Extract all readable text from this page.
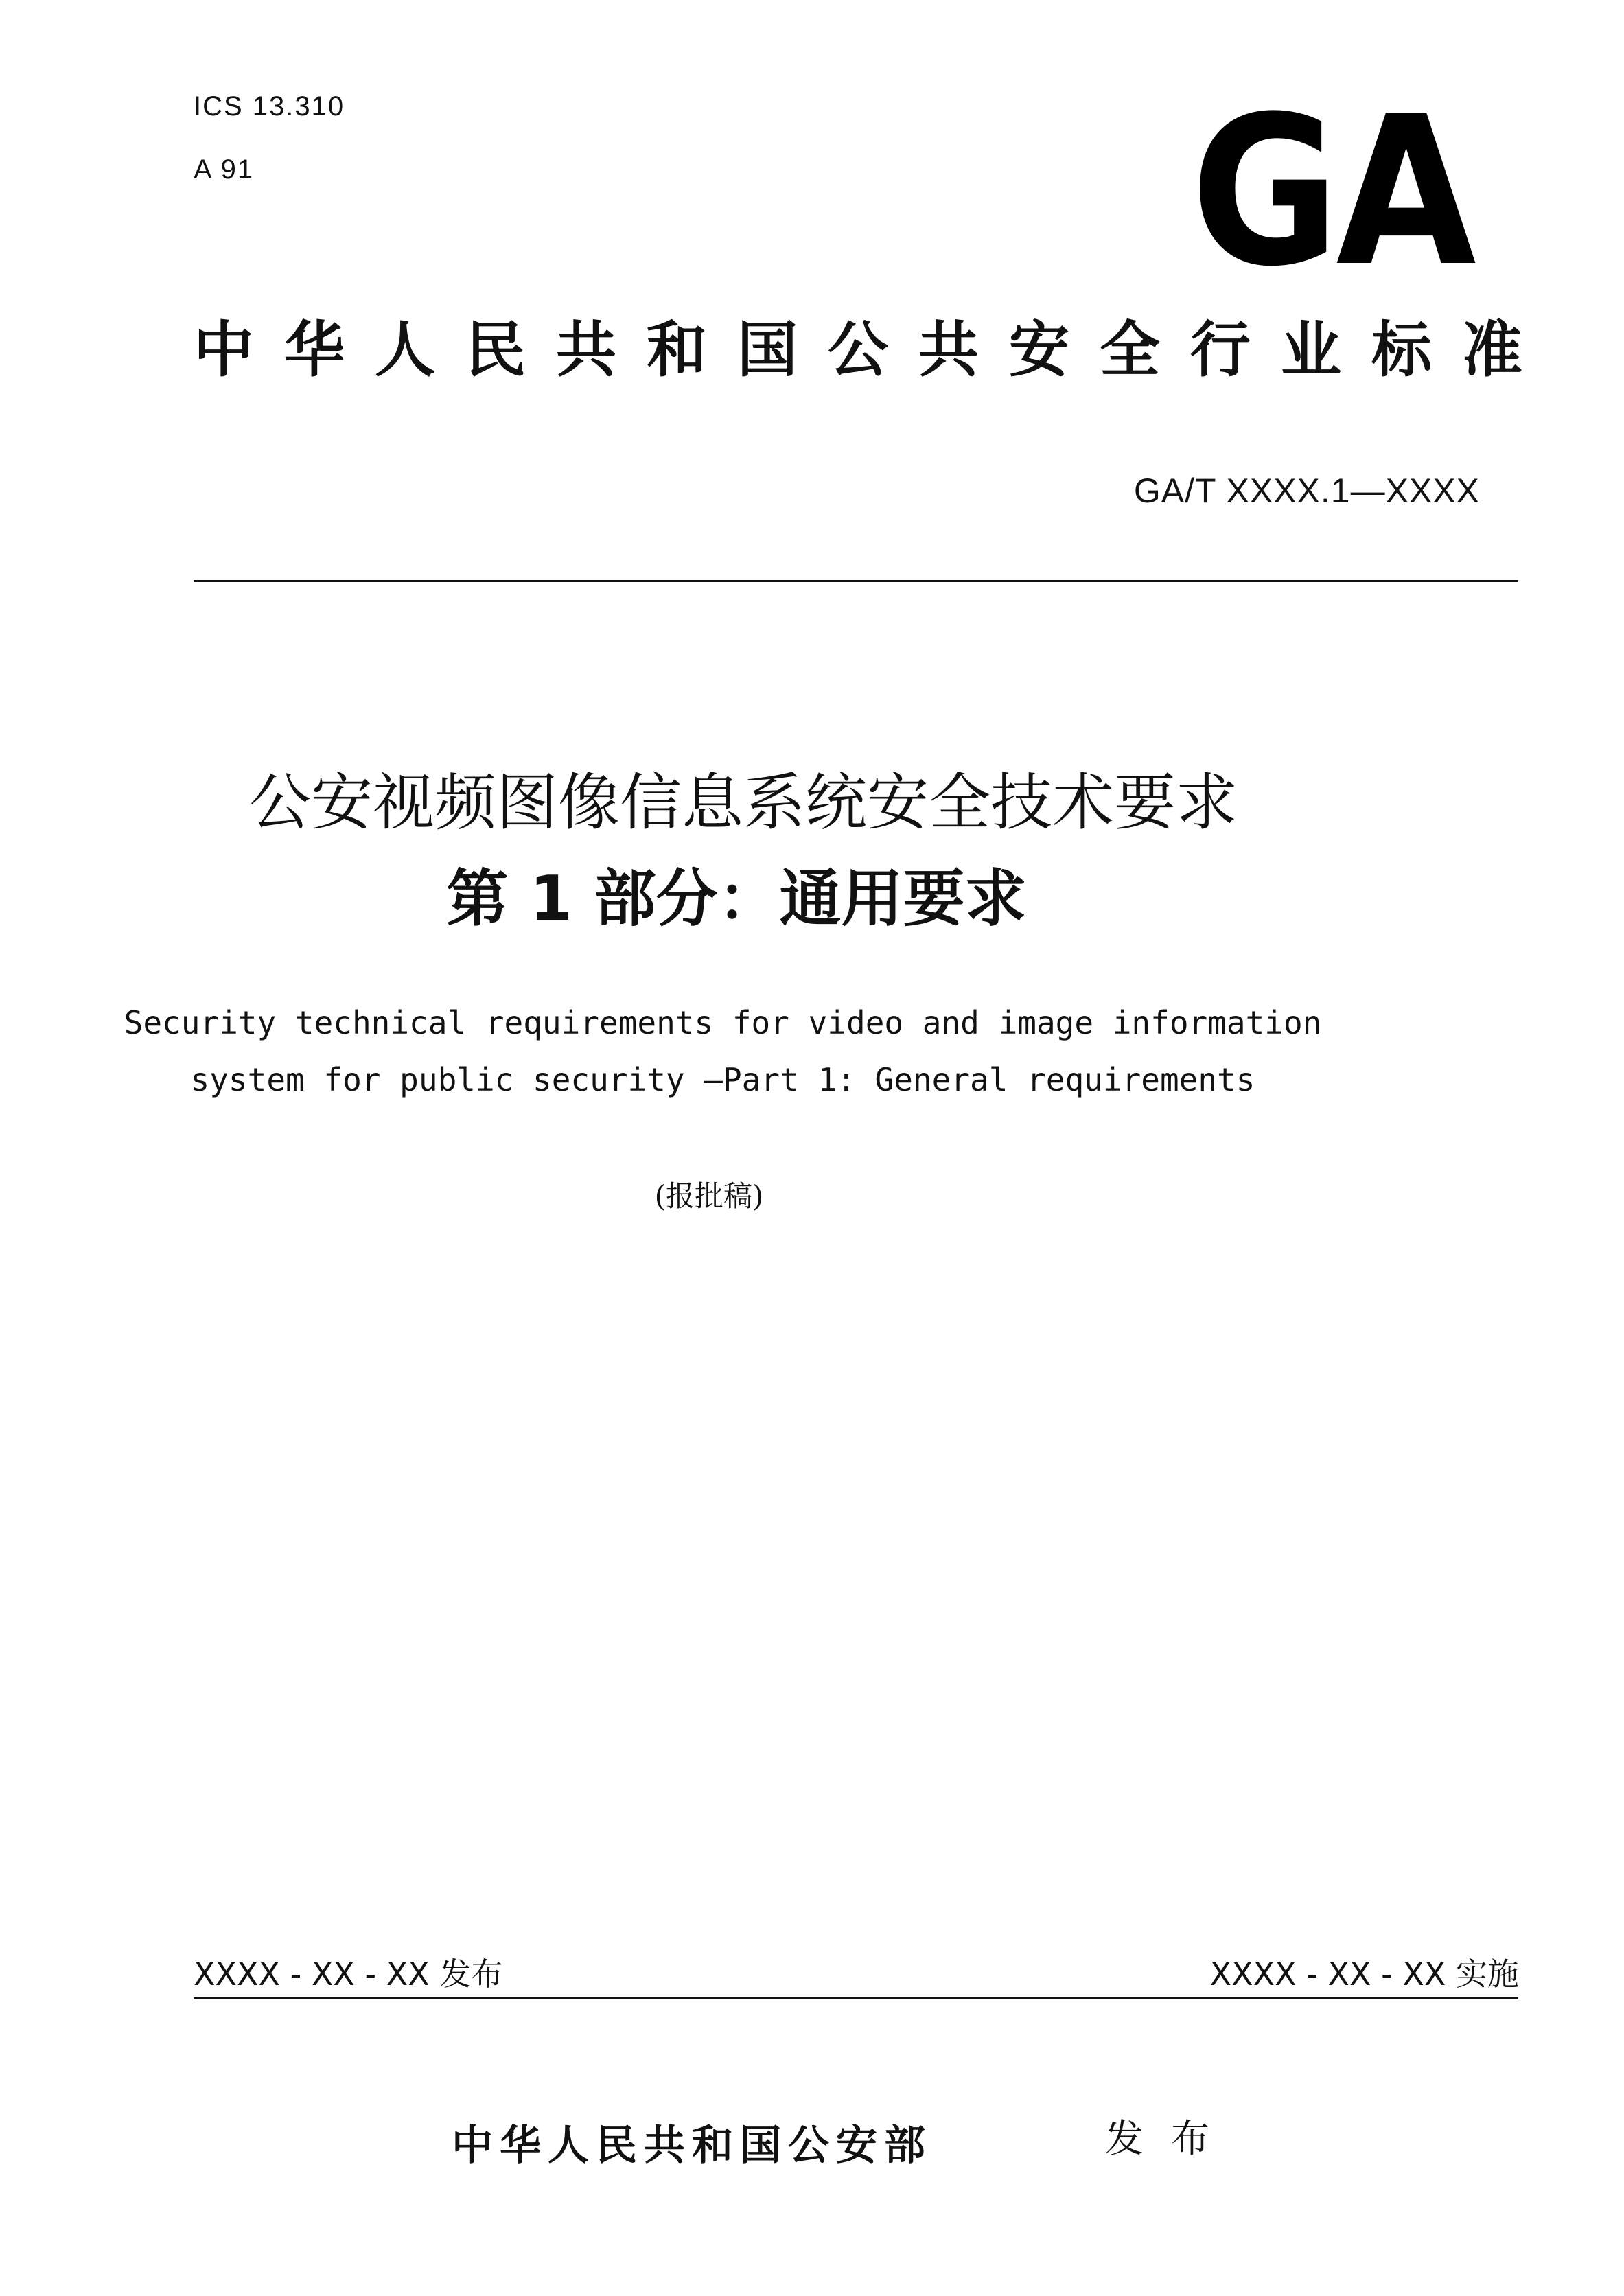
ICS 13.310
A 91	GA
中华人民共和国公共安全行业标准
GA/T XXXX.1—XXXX
公安视频图像信息系统安全技术要求
第 1 部分：通用要求
Security technical requirements for video and image information
system for public security —Part 1: General requirements
(报批稿)
XXXX - XX - XX 发布	XXXX - XX - XX 实施
中华人民共和国公安部	发布
